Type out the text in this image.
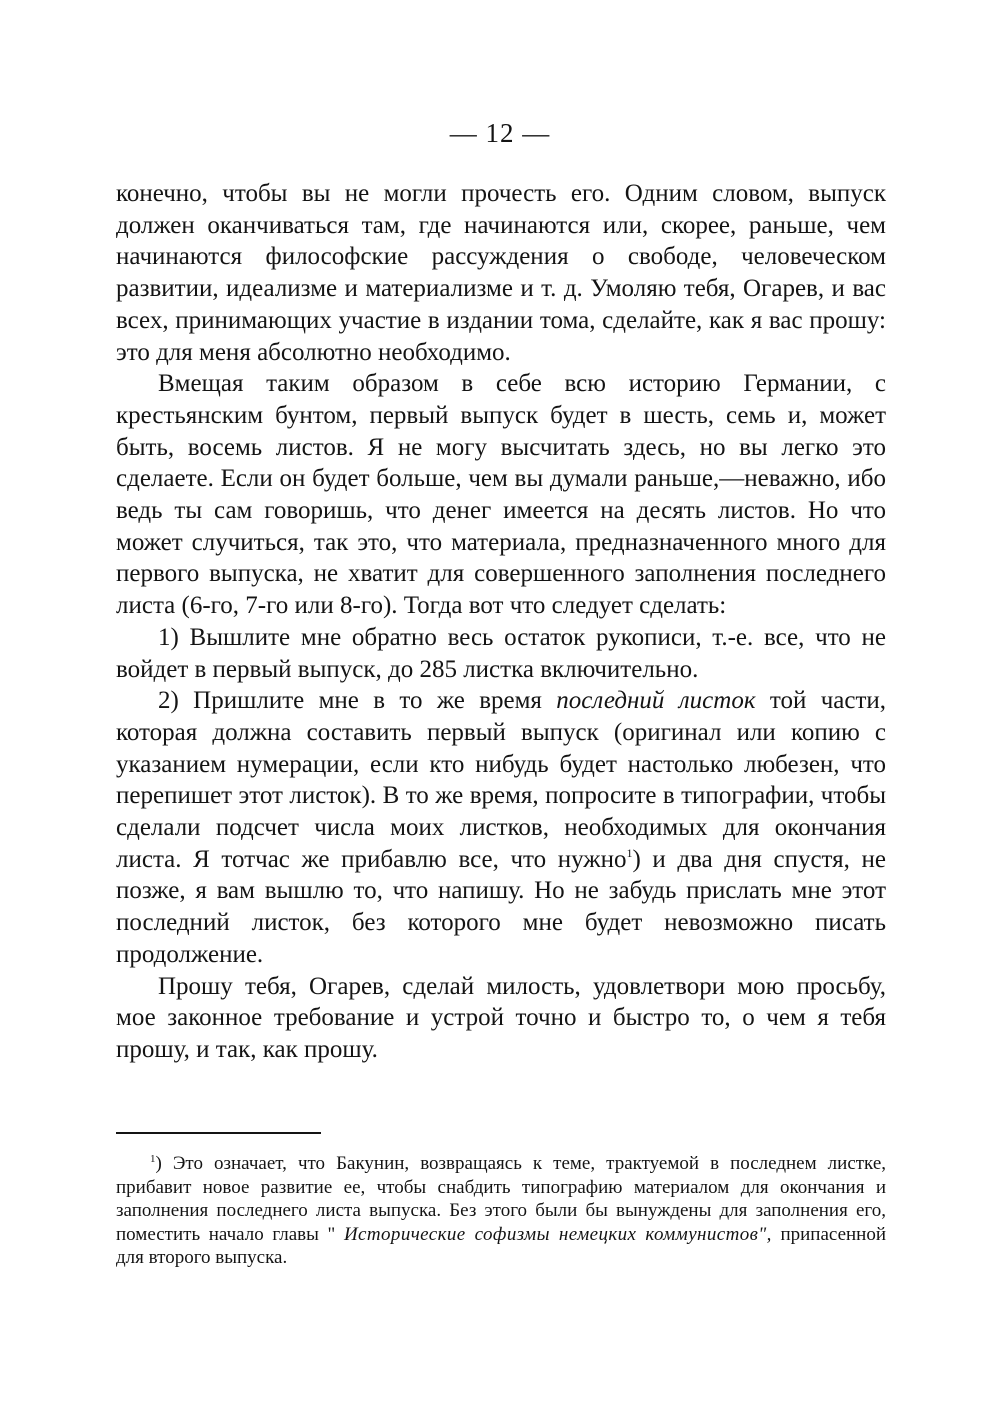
— 12 —

конечно, чтобы вы не могли прочесть его. Одним словом, выпуск должен оканчиваться там, где начинаются или, скорее, раньше, чем начинаются философские рассуждения о свободе, человеческом развитии, идеализме и материализме и т. д. Умоляю тебя, Огарев, и вас всех, принимающих участие в издании тома, сделайте, как я вас прошу: это для меня абсолютно необходимо.

Вмещая таким образом в себе всю историю Германии, с крестьянским бунтом, первый выпуск будет в шесть, семь и, может быть, восемь листов. Я не могу высчитать здесь, но вы легко это сделаете. Если он будет больше, чем вы думали раньше,—неважно, ибо ведь ты сам говоришь, что денег имеется на десять листов. Но что может случиться, так это, что материала, предназначенного много для первого выпуска, не хватит для совершенного заполнения последнего листа (6-го, 7-го или 8-го). Тогда вот что следует сделать:

1) Вышлите мне обратно весь остаток рукописи, т.-е. все, что не войдет в первый выпуск, до 285 листка включительно.

2) Пришлите мне в то же время последний листок той части, которая должна составить первый выпуск (оригинал или копию с указанием нумерации, если кто нибудь будет настолько любезен, что перепишет этот листок). В то же время, попросите в типографии, чтобы сделали подсчет числа моих листков, необходимых для окончания листа. Я тотчас же прибавлю все, что нужно$^1$) и два дня спустя, не позже, я вам вышлю то, что напишу. Но не забудь прислать мне этот последний листок, без которого мне будет невозможно писать продолжение.

Прошу тебя, Огарев, сделай милость, удовлетвори мою просьбу, мое законное требование и устрой точно и быстро то, о чем я тебя прошу, и так, как прошу.

$^1$) Это означает, что Бакунин, возвращаясь к теме, трактуемой в последнем листке, прибавит новое развитие ее, чтобы снабдить типографию материалом для окончания и заполнения последнего листа выпуска. Без этого были бы вынуждены для заполнения его, поместить начало главы " Исторические софизмы немецких коммунистов", припасенной для второго выпуска.
